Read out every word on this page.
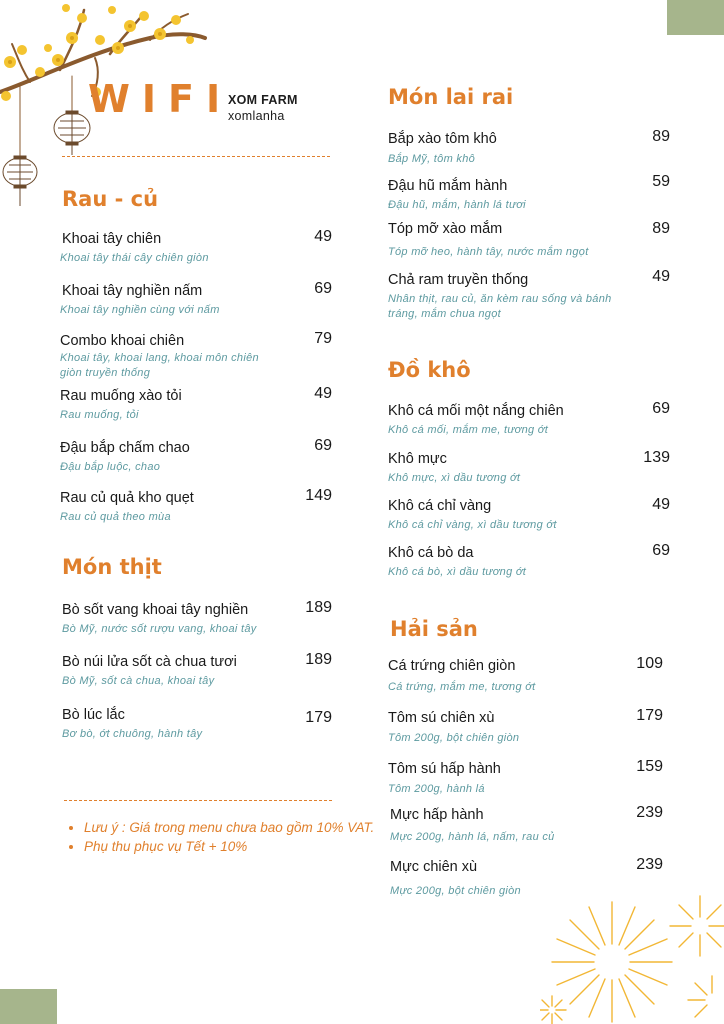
WIFI
XOM FARM
xomlanha
Rau - củ
Khoai tây chiên
Khoai tây thái cây chiên giòn
49
Khoai tây nghiền nấm
Khoai tây nghiền cùng với nấm
69
Combo khoai chiên
Khoai tây, khoai lang, khoai môn chiên giòn truyền thống
79
Rau muống xào tỏi
Rau muống, tỏi
49
Đậu bắp chấm chao
Đậu bắp luộc, chao
69
Rau củ quả kho quẹt
Rau củ quả theo mùa
149
Món thịt
Bò sốt vang khoai tây nghiền
Bò Mỹ, nước sốt rượu vang, khoai tây
189
Bò núi lửa sốt cà chua tươi
Bò Mỹ, sốt cà chua, khoai tây
189
Bò lúc lắc
Bơ bò, ớt chuông, hành tây
179
• Lưu ý : Giá trong menu chưa bao gồm 10% VAT.
• Phụ thu phục vụ Tết + 10%
Món lai rai
Bắp xào tôm khô
Bắp Mỹ, tôm khô
89
Đậu hũ mắm hành
Đậu hũ, mắm, hành lá tươi
59
Tóp mỡ xào mắm
Tóp mỡ heo, hành tây, nước mắm ngọt
89
Chả ram truyền thống
Nhân thịt, rau củ, ăn kèm rau sống và bánh tráng, mắm chua ngọt
49
Đồ khô
Khô cá mối một nắng chiên
Khô cá mối, mắm me, tương ớt
69
Khô mực
Khô mực, xì dầu tương ớt
139
Khô cá chỉ vàng
Khô cá chỉ vàng, xì dầu tương ớt
49
Khô cá bò da
Khô cá bò, xì dầu tương ớt
69
Hải sản
Cá trứng chiên giòn
Cá trứng, mắm me, tương ớt
109
Tôm sú chiên xù
Tôm 200g, bột chiên giòn
179
Tôm sú hấp hành
Tôm 200g, hành lá
159
Mực hấp hành
Mực 200g, hành lá, nấm, rau củ
239
Mực chiên xù
Mực 200g, bột chiên giòn
239
